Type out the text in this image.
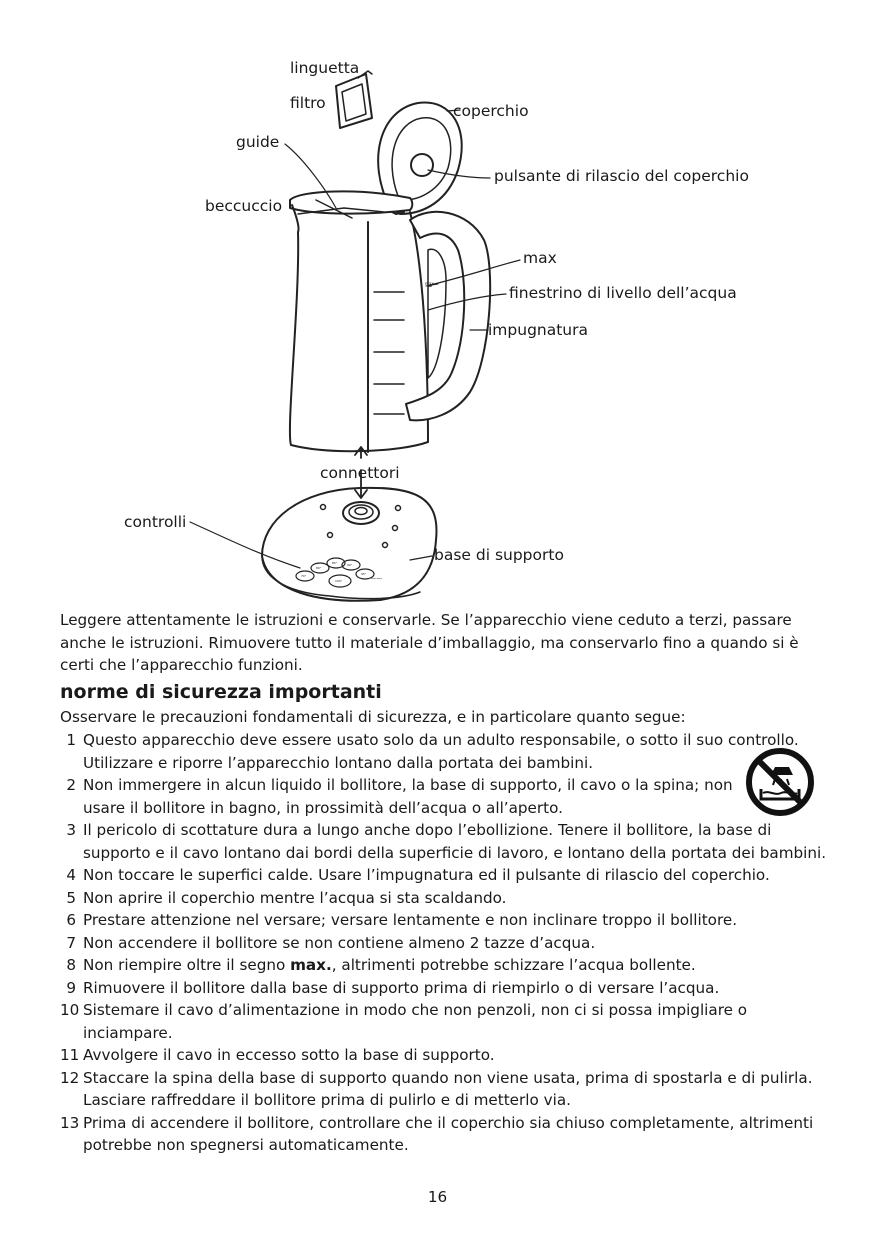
linguetta
filtro	coperchio
guide
pulsante di rilascio del coperchio
beccuccio
max
finestrino di livello dell’acqua
impugnatura
connettori
controlli
base di supporto
max
70°
80°
85°	90°
95°
100°	keep warm

Leggere attentamente le istruzioni e conservarle. Se l’apparecchio viene ceduto a terzi, passare anche le istruzioni. Rimuovere tutto il materiale d’imballaggio, ma conservarlo fino a quando si è certi che l’apparecchio funzioni.

norme di sicurezza importanti
Osservare le precauzioni fondamentali di sicurezza, e in particolare quanto segue:
1 Questo apparecchio deve essere usato solo da un adulto responsabile, o sotto il suo controllo. Utilizzare e riporre l’apparecchio lontano dalla portata dei bambini.
2 Non immergere in alcun liquido il bollitore, la base di supporto, il cavo o la spina; non usare il bollitore in bagno, in prossimità dell’acqua o all’aperto.
3 Il pericolo di scottature dura a lungo anche dopo l’ebollizione. Tenere il bollitore, la base di supporto e il cavo lontano dai bordi della superficie di lavoro, e lontano della portata dei bambini.
4 Non toccare le superfici calde. Usare l’impugnatura ed il pulsante di rilascio del coperchio.
5 Non aprire il coperchio mentre l’acqua si sta scaldando.
6 Prestare attenzione nel versare; versare lentamente e non inclinare troppo il bollitore.
7 Non accendere il bollitore se non contiene almeno 2 tazze d’acqua.
8 Non riempire oltre il segno max., altrimenti potrebbe schizzare l’acqua bollente.
9 Rimuovere il bollitore dalla base di supporto prima di riempirlo o di versare l’acqua.
10 Sistemare il cavo d’alimentazione in modo che non penzoli, non ci si possa impigliare o inciampare.
11 Avvolgere il cavo in eccesso sotto la base di supporto.
12 Staccare la spina della base di supporto quando non viene usata, prima di spostarla e di pulirla. Lasciare raffreddare il bollitore prima di pulirlo e di metterlo via.
13 Prima di accendere il bollitore, controllare che il coperchio sia chiuso completamente, altrimenti potrebbe non spegnersi automaticamente.
16
